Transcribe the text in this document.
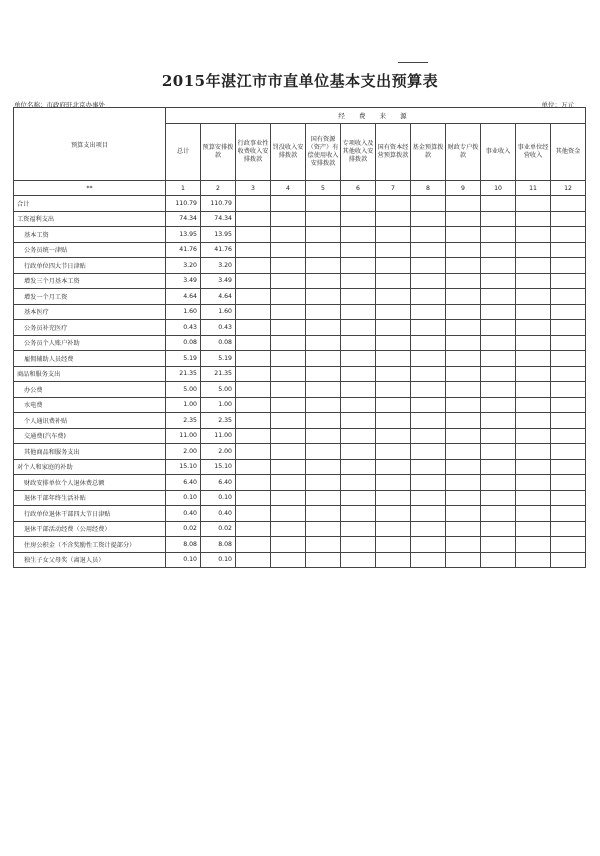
2015年湛江市市直单位基本支出预算表
单位名称：市政府驻北京办事处	单位：万元
预算支出项目	经 费 来 源											
	总计	预算安排拨款	行政事业性收费收入安排拨款	罚没收入安排拨款	国有资源（资产）有偿使用收入安排拨款	专项收入及其他收入安排拨款	国有资本经营预算拨款	基金预算拨款	财政专户拨款	事业收入	事业单位经营收入	其他资金
**	1	2	3	4	5	6	7	8	9	10	11	12
合计	110.79	110.79										
工资福利支出	74.34	74.34										
基本工资	13.95	13.95										
公务员统一津贴	41.76	41.76										
行政单位四大节日津贴	3.20	3.20										
增发三个月基本工资	3.49	3.49										
增发一个月工资	4.64	4.64										
基本医疗	1.60	1.60										
公务员补充医疗	0.43	0.43										
公务员个人账户补助	0.08	0.08										
雇佣辅助人员经费	5.19	5.19										
商品和服务支出	21.35	21.35										
办公费	5.00	5.00										
水电费	1.00	1.00										
个人通讯费补贴	2.35	2.35										
交通费(汽车费)	11.00	11.00										
其他商品和服务支出	2.00	2.00										
对个人和家庭的补助	15.10	15.10										
财政安排单位个人退休费总额	6.40	6.40										
退休干部年终生活补贴	0.10	0.10										
行政单位退休干部四大节日津贴	0.40	0.40										
退休干部活动经费（公用经费）	0.02	0.02										
住房公积金（不含奖励性工资计提部分）	8.08	8.08										
独生子女父母奖（离退人员）	0.10	0.10										
